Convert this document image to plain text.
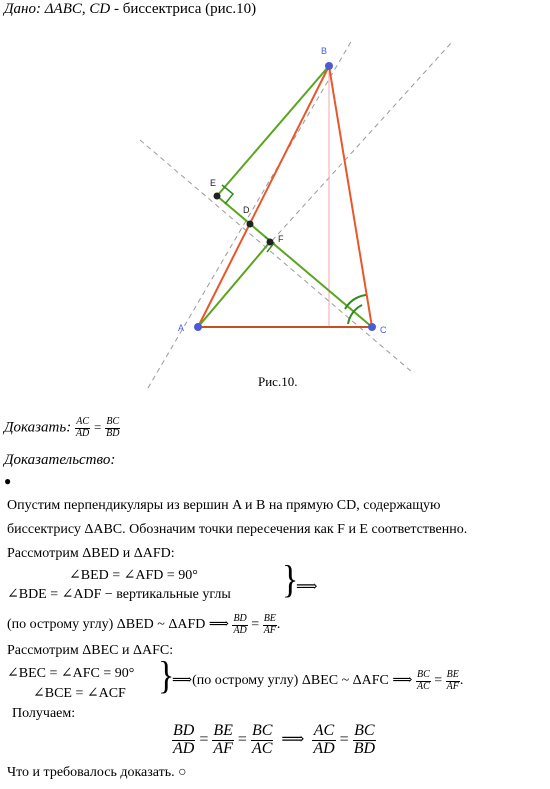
Дано: ΔABC, CD - биссектриса (рис.10)
A
B
C
D
E
F
Рис.10.
Доказать: $\frac{AC}{AD} = \frac{BC}{BD}$
Доказательство:
●
Опустим перпендикуляры из вершин A и B на прямую CD, содержащую
биссектрису ΔABC. Обозначим точки пересечения как F и E соответственно.
Рассмотрим ΔBED и ΔAFD:
∠BED = ∠AFD = 90°
∠BDE = ∠ADF − вертикальные углы }
⟹
(по острому углу) ΔBED ~ ΔAFD ⟹ $\frac{BD}{AD} = \frac{BE}{AF}$ .
Рассмотрим ΔBEC и ΔAFC:
∠BEC = ∠AFC = 90°
∠BCE = ∠ACF }
⟹(по острому углу) ΔBEC ~ ΔAFC ⟹ $\frac{BC}{AC} = \frac{BE}{AF}$ .
Получаем:
$\frac{BD}{AD} = \frac{BE}{AF} = \frac{BC}{AC}$ ⟹ $\frac{AC}{AD} = \frac{BC}{BD}$
Что и требовалось доказать. ○
